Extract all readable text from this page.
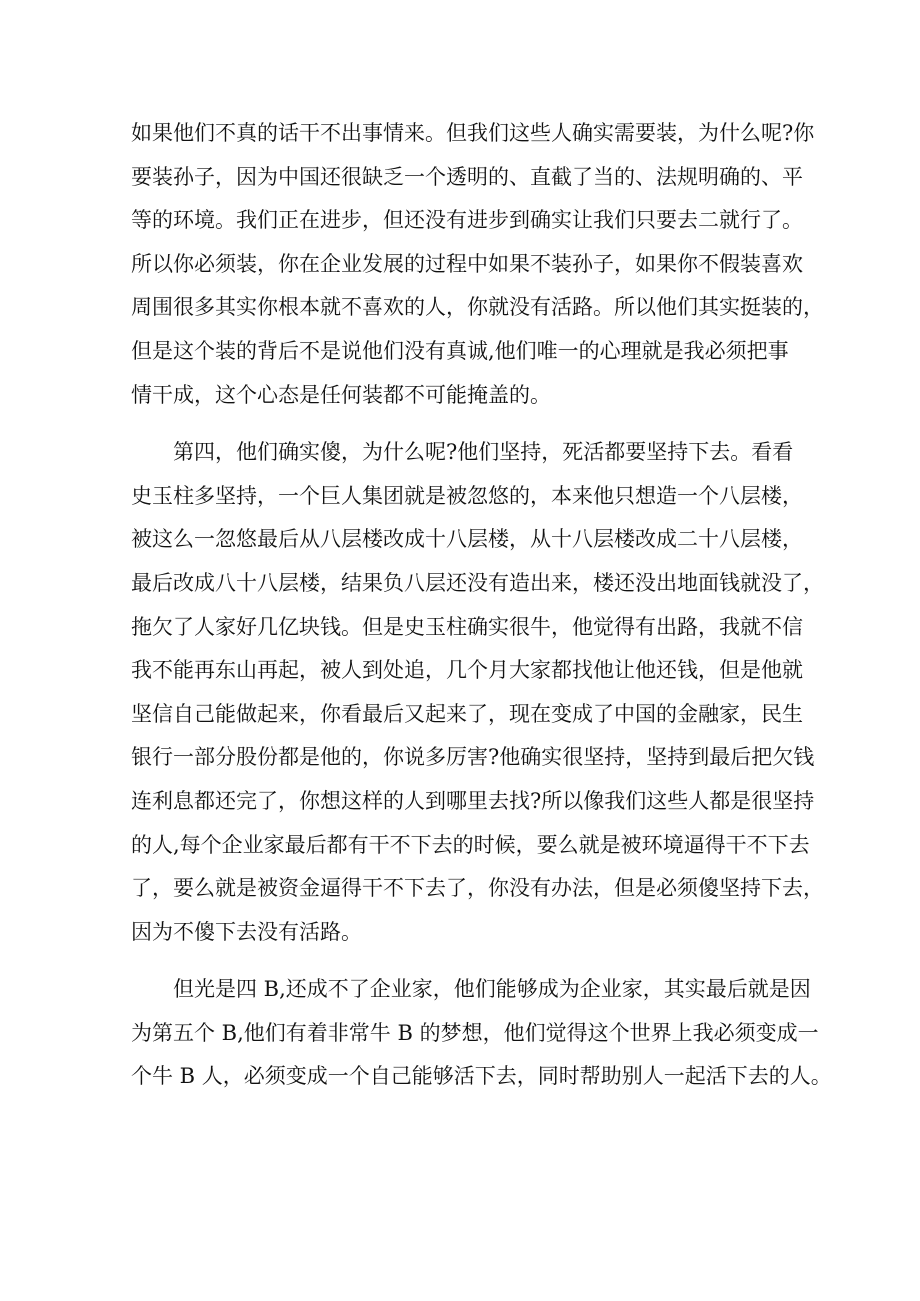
如果他们不真的话干不出事情来。但我们这些人确实需要装，为什么呢?你
要装孙子，因为中国还很缺乏一个透明的、直截了当的、法规明确的、平
等的环境。我们正在进步，但还没有进步到确实让我们只要去二就行了。
所以你必须装，你在企业发展的过程中如果不装孙子，如果你不假装喜欢
周围很多其实你根本就不喜欢的人，你就没有活路。所以他们其实挺装的，
但是这个装的背后不是说他们没有真诚,他们唯一的心理就是我必须把事
情干成，这个心态是任何装都不可能掩盖的。
第四，他们确实傻，为什么呢?他们坚持，死活都要坚持下去。看看
史玉柱多坚持，一个巨人集团就是被忽悠的，本来他只想造一个八层楼，
被这么一忽悠最后从八层楼改成十八层楼，从十八层楼改成二十八层楼，
最后改成八十八层楼，结果负八层还没有造出来，楼还没出地面钱就没了，
拖欠了人家好几亿块钱。但是史玉柱确实很牛，他觉得有出路，我就不信
我不能再东山再起，被人到处追，几个月大家都找他让他还钱，但是他就
坚信自己能做起来，你看最后又起来了，现在变成了中国的金融家，民生
银行一部分股份都是他的，你说多厉害?他确实很坚持，坚持到最后把欠钱
连利息都还完了，你想这样的人到哪里去找?所以像我们这些人都是很坚持
的人,每个企业家最后都有干不下去的时候，要么就是被环境逼得干不下去
了，要么就是被资金逼得干不下去了，你没有办法，但是必须傻坚持下去，
因为不傻下去没有活路。
但光是四 B,还成不了企业家，他们能够成为企业家，其实最后就是因
为第五个 B,他们有着非常牛 B 的梦想，他们觉得这个世界上我必须变成一
个牛 B 人，必须变成一个自己能够活下去，同时帮助别人一起活下去的人。
